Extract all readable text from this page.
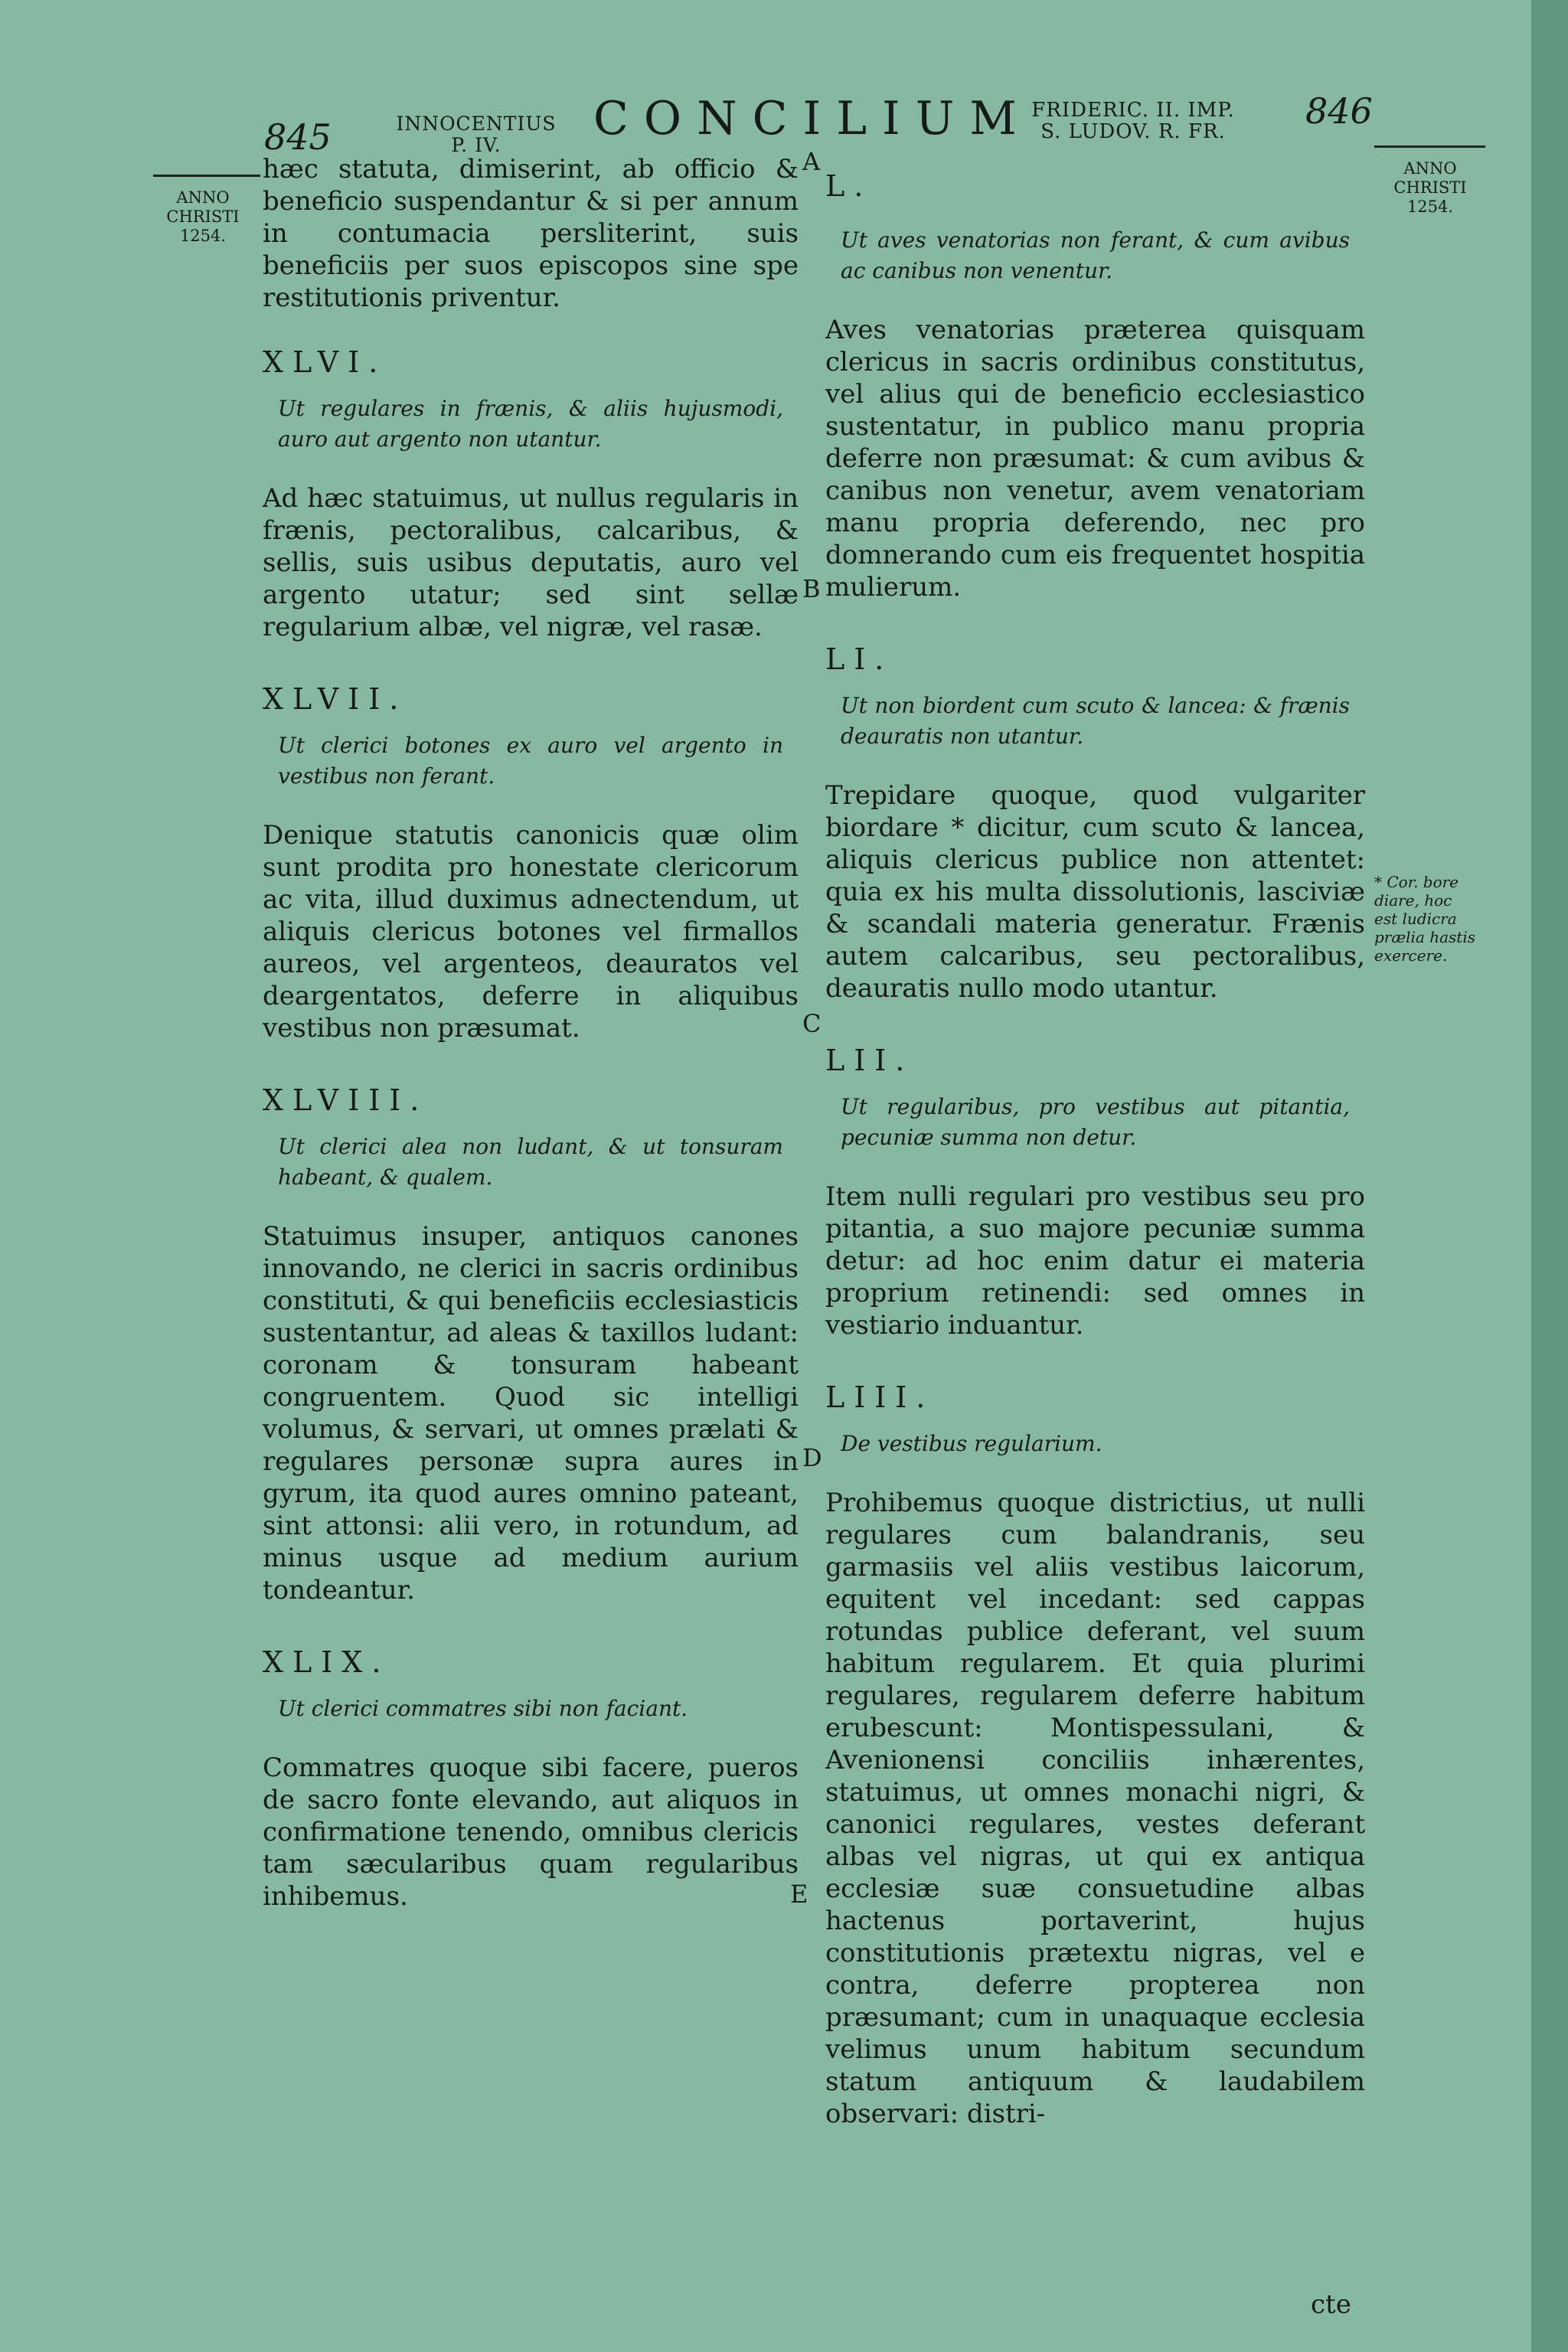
845	INNOCENTIUS
P. IV.	CONCILIUM FRIDERIC. II. IMP.
S. LUDOV. R. FR.	846
ANNO
CHRISTI
1254.
ANNO
CHRISTI
1254.
* Cor. bore
diare, hoc
est ludicra
prælia hastis
exercere.
A
B
C
D
E

hæc statuta, dimiserint, ab officio & beneficio suspendantur & si per annum in contumacia persliterint, suis beneficiis per suos episcopos sine spe restitutionis priventur.

XLVI.

Ut regulares in frænis, & aliis hujusmodi, auro aut argento non utantur.

Ad hæc statuimus, ut nullus regularis in frænis, pectoralibus, calcaribus, & sellis, suis usibus deputatis, auro vel argento utatur; sed sint sellæ regularium albæ, vel nigræ, vel rasæ.

XLVII.

Ut clerici botones ex auro vel argento in vestibus non ferant.

Denique statutis canonicis quæ olim sunt prodita pro honestate clericorum ac vita, illud duximus adnectendum, ut aliquis clericus botones vel firmallos aureos, vel argenteos, deauratos vel deargentatos, deferre in aliquibus vestibus non præsumat.

XLVIII.

Ut clerici alea non ludant, & ut tonsuram habeant, & qualem.

Statuimus insuper, antiquos canones innovando, ne clerici in sacris ordinibus constituti, & qui beneficiis ecclesiasticis sustentantur, ad aleas & taxillos ludant: coronam & tonsuram habeant congruentem. Quod sic intelligi volumus, & servari, ut omnes prælati & regulares personæ supra aures in gyrum, ita quod aures omnino pateant, sint attonsi: alii vero, in rotundum, ad minus usque ad medium aurium tondeantur.

XLIX.

Ut clerici commatres sibi non faciant.

Commatres quoque sibi facere, pueros de sacro fonte elevando, aut aliquos in confirmatione tenendo, omnibus clericis tam sæcularibus quam regularibus inhibemus.

L.

Ut aves venatorias non ferant, & cum avibus ac canibus non venentur.

Aves venatorias præterea quisquam clericus in sacris ordinibus constitutus, vel alius qui de beneficio ecclesiastico sustentatur, in publico manu propria deferre non præsumat: & cum avibus & canibus non venetur, avem venatoriam manu propria deferendo, nec pro domnerando cum eis frequentet hospitia mulierum.

LI.

Ut non biordent cum scuto & lancea: & frænis deauratis non utantur.

Trepidare quoque, quod vulgariter biordare * dicitur, cum scuto & lancea, aliquis clericus publice non attentet: quia ex his multa dissolutionis, lasciviæ & scandali materia generatur. Frænis autem calcaribus, seu pectoralibus, deauratis nullo modo utantur.

LII.

Ut regularibus, pro vestibus aut pitantia, pecuniæ summa non detur.

Item nulli regulari pro vestibus seu pro pitantia, a suo majore pecuniæ summa detur: ad hoc enim datur ei materia proprium retinendi: sed omnes in vestiario induantur.

LIII.

De vestibus regularium.

Prohibemus quoque districtius, ut nulli regulares cum balandranis, seu garmasiis vel aliis vestibus laicorum, equitent vel incedant: sed cappas rotundas publice deferant, vel suum habitum regularem. Et quia plurimi regulares, regularem deferre habitum erubescunt: Montispessulani, & Avenionensi conciliis inhærentes, statuimus, ut omnes monachi nigri, & canonici regulares, vestes deferant albas vel nigras, ut qui ex antiqua ecclesiæ suæ consuetudine albas hactenus portaverint, hujus constitutionis prætextu nigras, vel e contra, deferre propterea non præsumant; cum in unaquaque ecclesia velimus unum habitum secundum statum antiquum & laudabilem observari: distri-

cte
